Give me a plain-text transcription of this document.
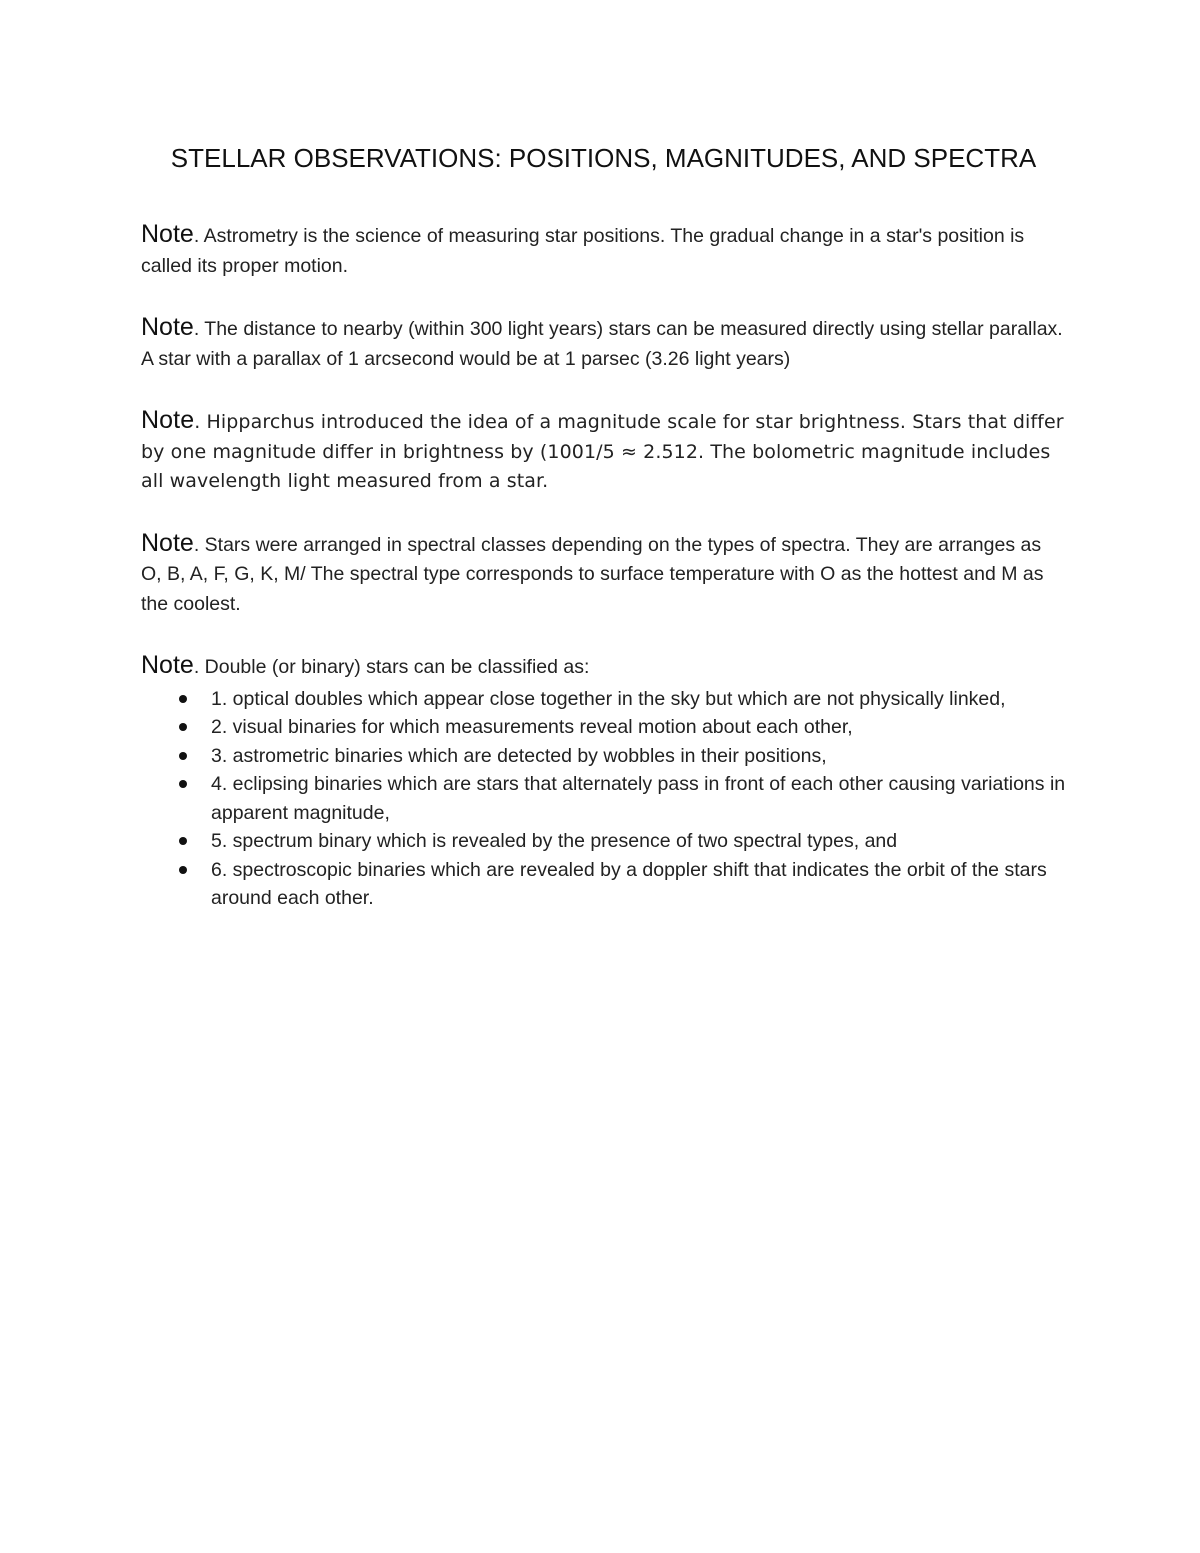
STELLAR OBSERVATIONS: POSITIONS, MAGNITUDES, AND SPECTRA

Note. Astrometry is the science of measuring star positions. The gradual change in a star's position is called its proper motion.

Note. The distance to nearby (within 300 light years) stars can be measured directly using stellar parallax. A star with a parallax of 1 arcsecond would be at 1 parsec (3.26 light years)

Note. Hipparchus introduced the idea of a magnitude scale for star brightness. Stars that differ by one magnitude differ in brightness by (1001/5 ≈ 2.512. The bolometric magnitude includes all wavelength light measured from a star.

Note. Stars were arranged in spectral classes depending on the types of spectra. They are arranges as O, B, A, F, G, K, M/ The spectral type corresponds to surface temperature with O as the hottest and M as the coolest.

Note. Double (or binary) stars can be classified as:

1. optical doubles which appear close together in the sky but which are not physically linked,
2. visual binaries for which measurements reveal motion about each other,
3. astrometric binaries which are detected by wobbles in their positions,
4. eclipsing binaries which are stars that alternately pass in front of each other causing variations in apparent magnitude,
5. spectrum binary which is revealed by the presence of two spectral types, and
6. spectroscopic binaries which are revealed by a doppler shift that indicates the orbit of the stars around each other.
